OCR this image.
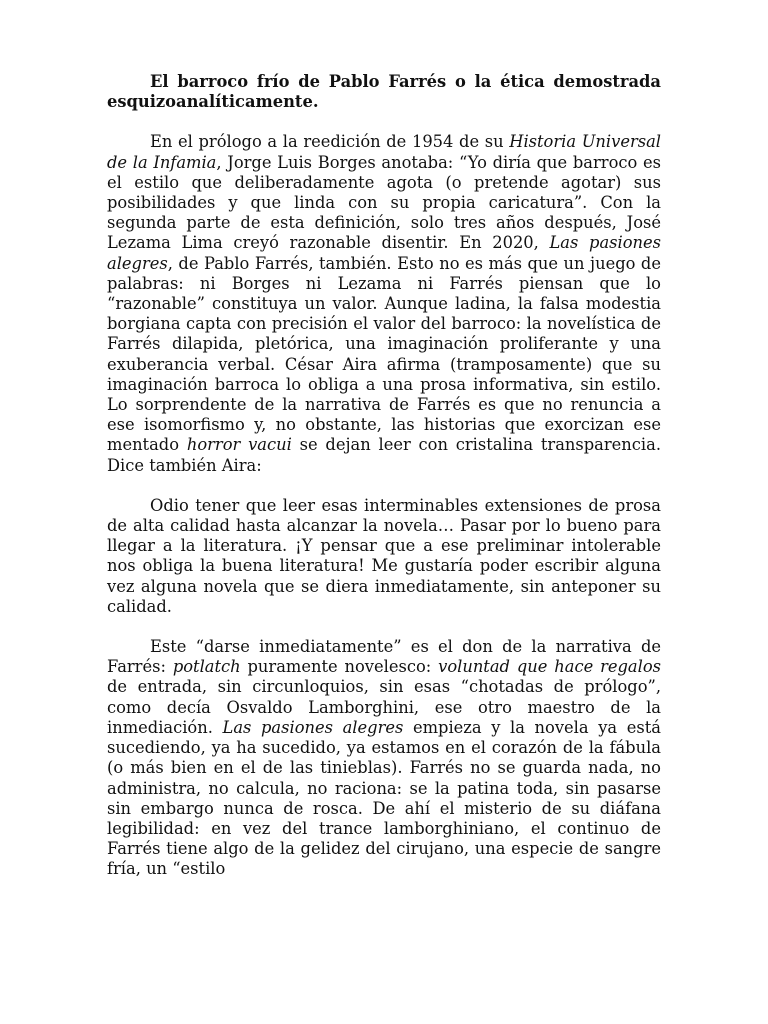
El barroco frío de Pablo Farrés o la ética demostrada esquizoanalíticamente.

En el prólogo a la reedición de 1954 de su Historia Universal de la Infamia, Jorge Luis Borges anotaba: “Yo diría que barroco es el estilo que deliberadamente agota (o pretende agotar) sus posibilidades y que linda con su propia caricatura”. Con la segunda parte de esta definición, solo tres años después, José Lezama Lima creyó razonable disentir. En 2020, Las pasiones alegres, de Pablo Farrés, también. Esto no es más que un juego de palabras: ni Borges ni Lezama ni Farrés piensan que lo “razonable” constituya un valor. Aunque ladina, la falsa modestia borgiana capta con precisión el valor del barroco: la novelística de Farrés dilapida, pletórica, una imaginación proliferante y una exuberancia verbal. César Aira afirma (tramposamente) que su imaginación barroca lo obliga a una prosa informativa, sin estilo. Lo sorprendente de la narrativa de Farrés es que no renuncia a ese isomorfismo y, no obstante, las historias que exorcizan ese mentado horror vacui se dejan leer con cristalina transparencia. Dice también Aira:

Odio tener que leer esas interminables extensiones de prosa de alta calidad hasta alcanzar la novela… Pasar por lo bueno para llegar a la literatura. ¡Y pensar que a ese preliminar intolerable nos obliga la buena literatura! Me gustaría poder escribir alguna vez alguna novela que se diera inmediatamente, sin anteponer su calidad.

Este “darse inmediatamente” es el don de la narrativa de Farrés: potlatch puramente novelesco: voluntad que hace regalos de entrada, sin circunloquios, sin esas “chotadas de prólogo”, como decía Osvaldo Lamborghini, ese otro maestro de la inmediación. Las pasiones alegres empieza y la novela ya está sucediendo, ya ha sucedido, ya estamos en el corazón de la fábula (o más bien en el de las tinieblas). Farrés no se guarda nada, no administra, no calcula, no raciona: se la patina toda, sin pasarse sin embargo nunca de rosca. De ahí el misterio de su diáfana legibilidad: en vez del trance lamborghiniano, el continuo de Farrés tiene algo de la gelidez del cirujano, una especie de sangre fría, un “estilo
